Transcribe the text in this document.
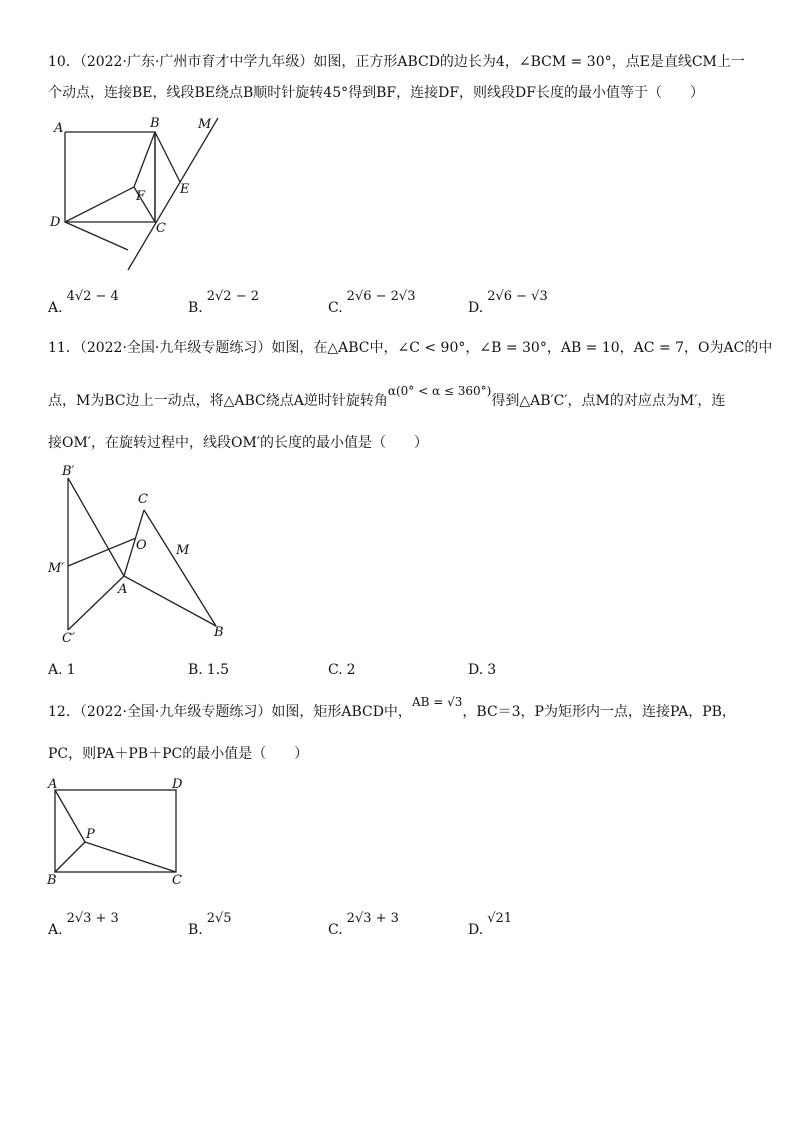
10．（2022·广东·广州市育才中学九年级）如图，正方形ABCD的边长为4，∠BCM = 30°，点E是直线CM上一
个动点，连接BE，线段BE绕点B顺时针旋转45°得到BF，连接DF，则线段DF长度的最小值等于（　　）
A	B	M
F	E
D	C
A.4√2 − 4
B.2√2 − 2
C.2√6 − 2√3
D.2√6 − √3
11．（2022·全国·九年级专题练习）如图，在△ABC中，∠C < 90°，∠B = 30°，AB = 10，AC = 7，O为AC的中
点，M为BC边上一动点，将△ABC绕点A逆时针旋转角α(0° < α ≤ 360°)得到△AB′C′，点M的对应点为M′，连
接OM′，在旋转过程中，线段OM′的长度的最小值是（　　）
B′
C
O M
M′
A
C′	B
A. 1	B. 1.5	C. 2	D. 3
12．（2022·全国·九年级专题练习）如图，矩形ABCD中，AB = √3，BC＝3，P为矩形内一点，连接PA，PB，
PC，则PA＋PB＋PC的最小值是（　　）
A	D
P
B	C
A.2√3 + 3
B.2√5
C.2√3 + 3
D.√21
